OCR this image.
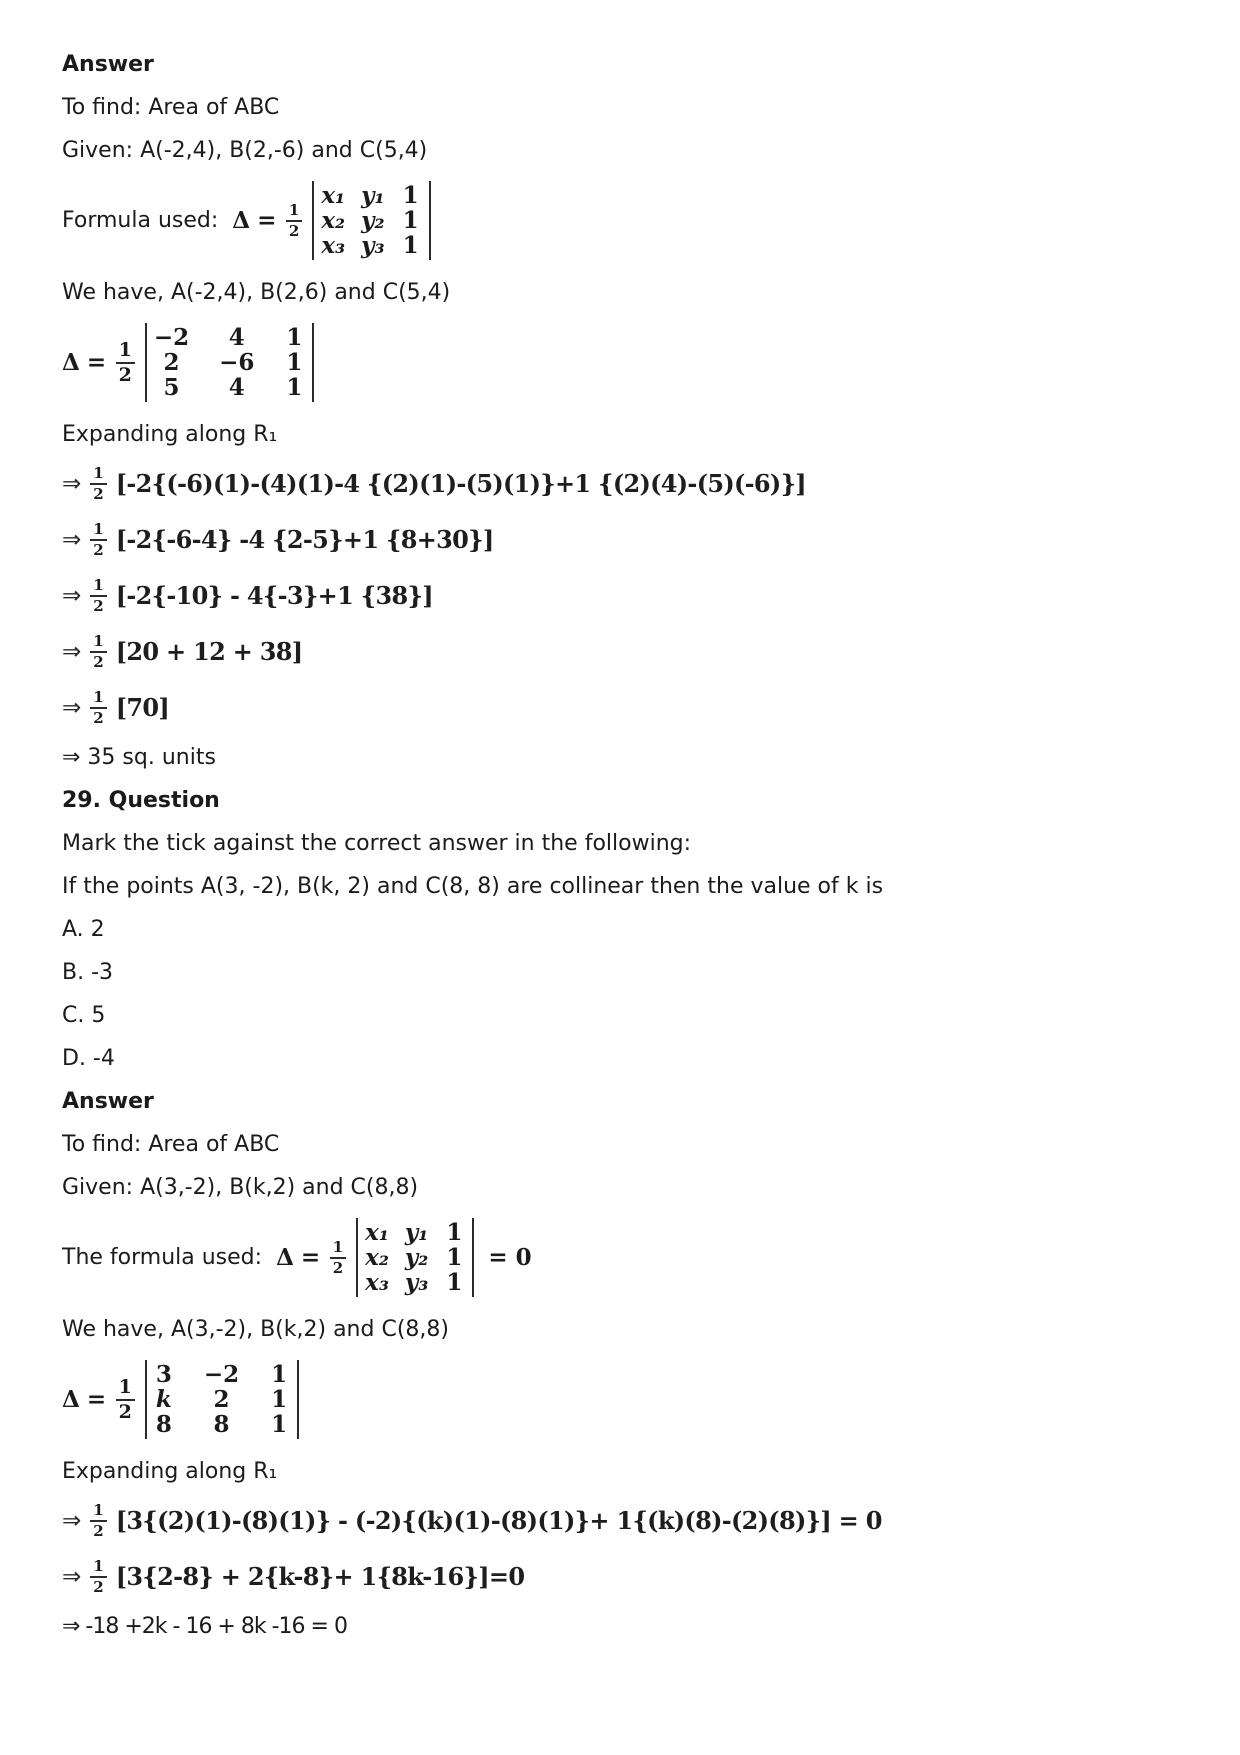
Answer

To find: Area of ABC

Given: A(-2,4), B(2,-6) and C(5,4)

Formula used: $\Delta = \frac{1}{2}$
x₁ y₁ 1
x₂ y₂ 1
x₃ y₃ 1

We have, A(-2,4), B(2,6) and C(5,4)

$\Delta = \frac{1}{2}$
−2	4	1
2	−6 1
5	4	1

Expanding along R₁

⇒ $\frac{1}{2} [-2\{(-6)(1)-(4)(1)-4$ {(2)(1)-(5)(1)}+1 {(2)(4)-(5)(-6)}]
⇒ $\frac{1}{2} [-2\{-6-4\}$ -4 {2-5}+1 {8+30}]
⇒ $\frac{1}{2} [-2\{-10\} - 4\{-3\}+1$ {38}]
⇒ $\frac{1}{2} [20 + 12 + 38]$
⇒ $\frac{1}{2} [70]$

⇒ 35 sq. units

29. Question

Mark the tick against the correct answer in the following:

If the points A(3, -2), B(k, 2) and C(8, 8) are collinear then the value of k is

A. 2

B. -3

C. 5

D. -4

Answer

To find: Area of ABC

Given: A(3,-2), B(k,2) and C(8,8)

The formula used: $\Delta = \frac{1}{2}$
x₁ y₁ 1
x₂ y₂ 1
x₃ y₃ 1
= 0

We have, A(3,-2), B(k,2) and C(8,8)

$\Delta = \frac{1}{2}$
3 −2 1
k	2	1
8	8	1

Expanding along R₁

⇒ $\frac{1}{2} [3\{(2)(1)-(8)(1)\} - (-2)\{(k)(1)-(8)(1)\}+ 1\{(k)(8)-(2)(8)\}] = 0$
⇒ $\frac{1}{2} [3\{2-8\} + 2\{k-8\}+ 1\{8k-16\}]=0$

⇒ -18 +2k - 16 + 8k -16 = 0
